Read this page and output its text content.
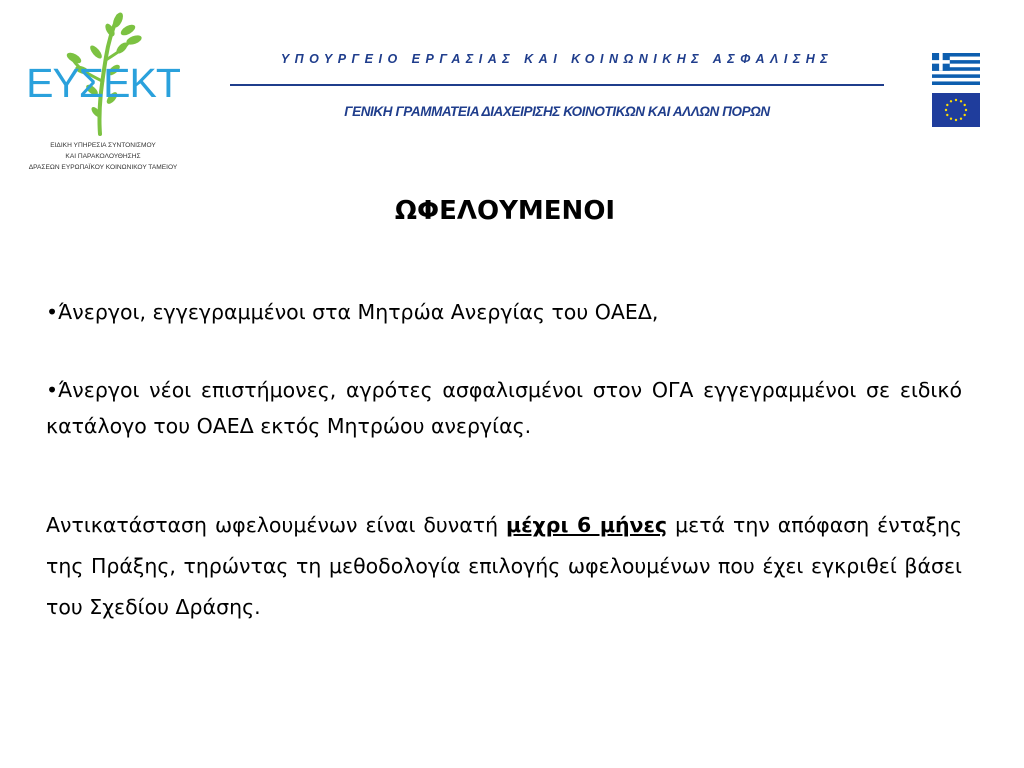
ΕΥΣΕΚΤ
ΕΙΔΙΚΗ ΥΠΗΡΕΣΙΑ ΣΥΝΤΟΝΙΣΜΟΥ
ΚΑΙ ΠΑΡΑΚΟΛΟΥΘΗΣΗΣ
ΔΡΑΣΕΩΝ ΕΥΡΩΠΑΪΚΟΥ ΚΟΙΝΩΝΙΚΟΥ ΤΑΜΕΙΟΥ
ΥΠΟΥΡΓΕΙΟ ΕΡΓΑΣΙΑΣ ΚΑΙ ΚΟΙΝΩΝΙΚΗΣ ΑΣΦΑΛΙΣΗΣ
ΓΕΝΙΚΗ ΓΡΑΜΜΑΤΕΙΑ ΔΙΑΧΕΙΡΙΣΗΣ ΚΟΙΝΟΤΙΚΩΝ ΚΑΙ ΑΛΛΩΝ ΠΟΡΩΝ
ΩΦΕΛΟΥΜΕΝΟΙ
•Άνεργοι, εγγεγραμμένοι στα Μητρώα Ανεργίας του ΟΑΕΔ,
•Άνεργοι νέοι επιστήμονες, αγρότες ασφαλισμένοι στον ΟΓΑ εγγεγραμμένοι σε ειδικό κατάλογο του ΟΑΕΔ εκτός Μητρώου ανεργίας.
Αντικατάσταση ωφελουμένων είναι δυνατή μέχρι 6 μήνες μετά την απόφαση ένταξης της Πράξης, τηρώντας τη μεθοδολογία επιλογής ωφελουμένων που έχει εγκριθεί βάσει του Σχεδίου Δράσης.
